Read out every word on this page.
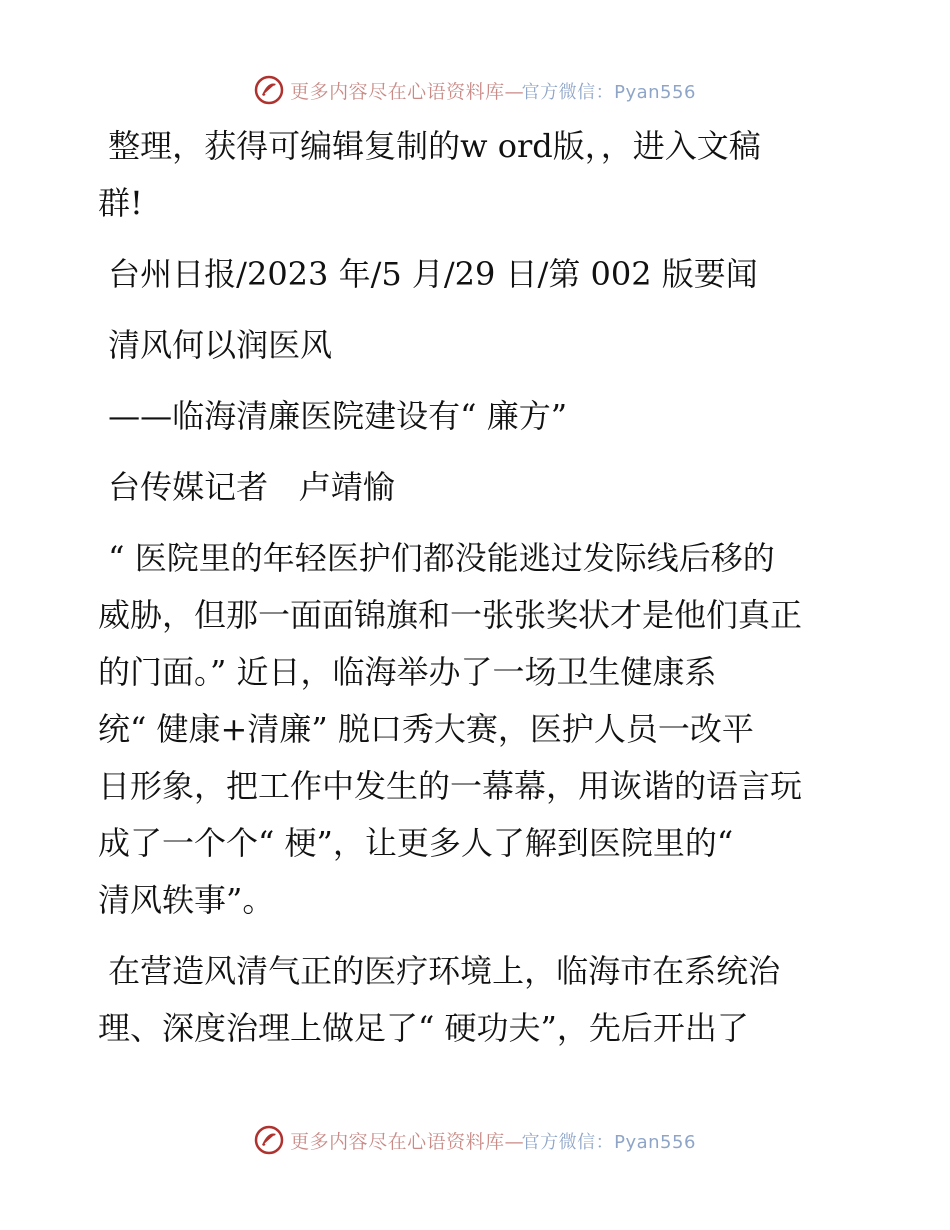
更多内容尽在心语资料库—官方微信：Pyan556

整理，获得可编辑复制的w ord版，，进入文稿

群!

台州日报/2023 年/5 月/29 日/第 002 版要闻

清风何以润医风

——临海清廉医院建设有“ 廉方”

台传媒记者   卢靖愉

“ 医院里的年轻医护们都没能逃过发际线后移的

威胁，但那一面面锦旗和一张张奖状才是他们真正

的门面。” 近日，临海举办了一场卫生健康系

统“ 健康+清廉” 脱口秀大赛，医护人员一改平

日形象，把工作中发生的一幕幕，用诙谐的语言玩

成了一个个“ 梗”，让更多人了解到医院里的“

清风轶事”。

在营造风清气正的医疗环境上，临海市在系统治

理、深度治理上做足了“ 硬功夫”，先后开出了

更多内容尽在心语资料库—官方微信：Pyan556
